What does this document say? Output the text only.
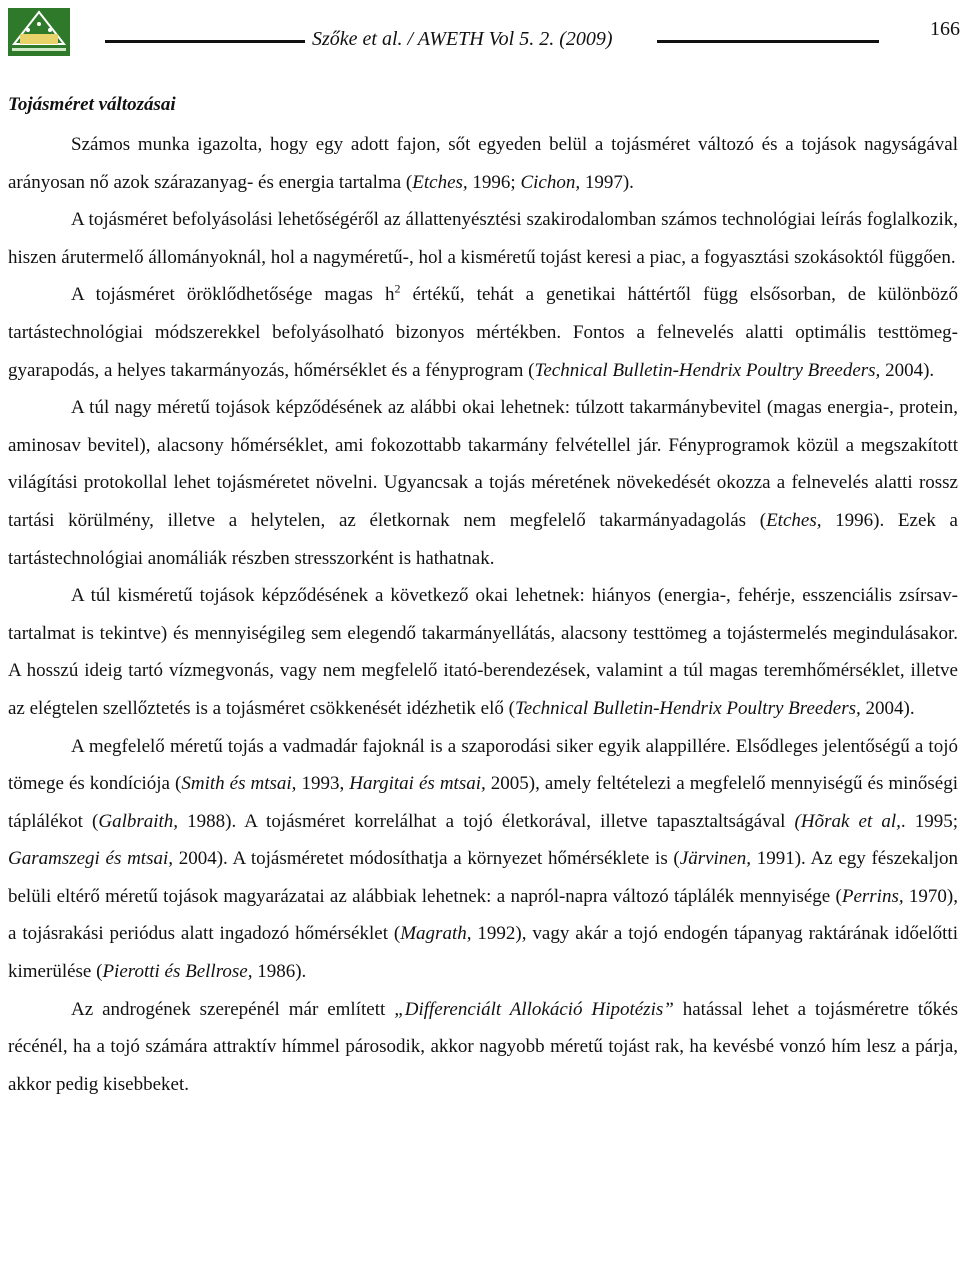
Szőke et al. / AWETH Vol 5. 2. (2009)	166
Tojásméret változásai

Számos munka igazolta, hogy egy adott fajon, sőt egyeden belül a tojásméret változó és a tojások nagyságával arányosan nő azok szárazanyag- és energia tartalma (Etches, 1996; Cichon, 1997).

A tojásméret befolyásolási lehetőségéről az állattenyésztési szakirodalomban számos technológiai leírás foglalkozik, hiszen árutermelő állományoknál, hol a nagyméretű-, hol a kisméretű tojást keresi a piac, a fogyasztási szokásoktól függően.

A tojásméret öröklődhetősége magas $h^2$ értékű, tehát a genetikai háttértől függ elsősorban, de különböző tartástechnológiai módszerekkel befolyásolható bizonyos mértékben. Fontos a felnevelés alatti optimális testtömeg-gyarapodás, a helyes takarmányozás, hőmérséklet és a fényprogram (Technical Bulletin-Hendrix Poultry Breeders, 2004).

A túl nagy méretű tojások képződésének az alábbi okai lehetnek: túlzott takarmánybevitel (magas energia-, protein, aminosav bevitel), alacsony hőmérséklet, ami fokozottabb takarmány felvétellel jár. Fényprogramok közül a megszakított világítási protokollal lehet tojásméretet növelni. Ugyancsak a tojás méretének növekedését okozza a felnevelés alatti rossz tartási körülmény, illetve a helytelen, az életkornak nem megfelelő takarmányadagolás (Etches, 1996). Ezek a tartástechnológiai anomáliák részben stresszorként is hathatnak.

A túl kisméretű tojások képződésének a következő okai lehetnek: hiányos (energia-, fehérje, esszenciális zsírsav- tartalmat is tekintve) és mennyiségileg sem elegendő takarmányellátás, alacsony testtömeg a tojástermelés megindulásakor. A hosszú ideig tartó vízmegvonás, vagy nem megfelelő itató-berendezések, valamint a túl magas teremhőmérséklet, illetve az elégtelen szellőztetés is a tojásméret csökkenését idézhetik elő (Technical Bulletin-Hendrix Poultry Breeders, 2004).

A megfelelő méretű tojás a vadmadár fajoknál is a szaporodási siker egyik alappillére. Elsődleges jelentőségű a tojó tömege és kondíciója (Smith és mtsai, 1993, Hargitai és mtsai, 2005), amely feltételezi a megfelelő mennyiségű és minőségi táplálékot (Galbraith, 1988). A tojásméret korrelálhat a tojó életkorával, illetve tapasztaltságával (Hõrak et al,. 1995; Garamszegi és mtsai, 2004). A tojásméretet módosíthatja a környezet hőmérséklete is (Järvinen, 1991). Az egy fészekaljon belüli eltérő méretű tojások magyarázatai az alábbiak lehetnek: a napról-napra változó táplálék mennyisége (Perrins, 1970), a tojásrakási periódus alatt ingadozó hőmérséklet (Magrath, 1992), vagy akár a tojó endogén tápanyag raktárának időelőtti kimerülése (Pierotti és Bellrose, 1986).

Az androgének szerepénél már említett „Differenciált Allokáció Hipotézis” hatással lehet a tojásméretre tőkés récénél, ha a tojó számára attraktív hímmel párosodik, akkor nagyobb méretű tojást rak, ha kevésbé vonzó hím lesz a párja, akkor pedig kisebbeket.
